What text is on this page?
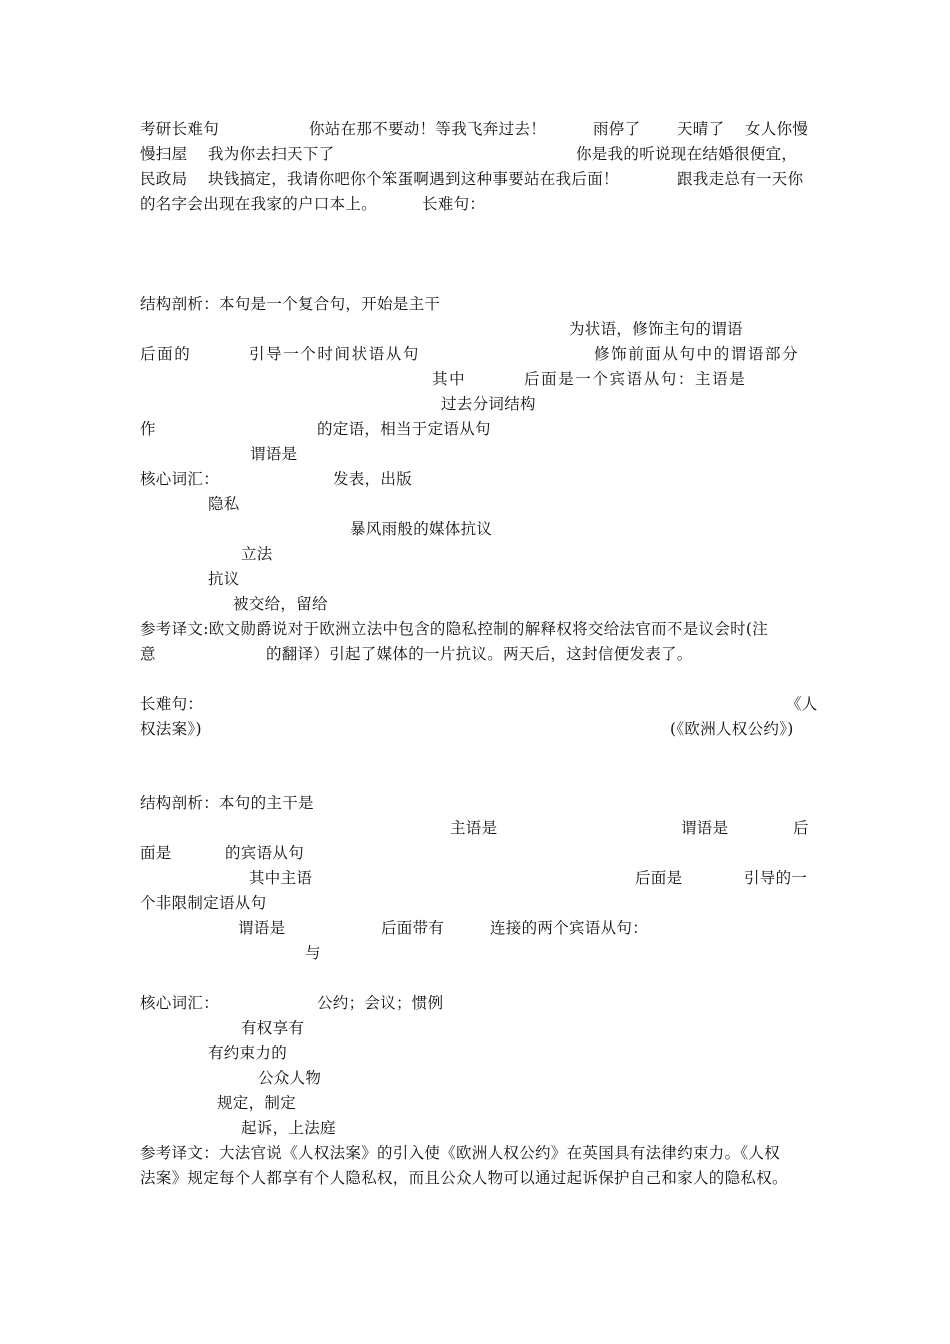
考研长难句	你站在那不要动！等我飞奔过去！	雨停了 天晴了 女人你慢
慢扫屋 我为你去扫天下了	你是我的听说现在结婚很便宜，
民政局 块钱搞定，我请你吧你个笨蛋啊遇到这种事要站在我后面！	跟我走总有一天你
的名字会出现在我家的户口本上。	长难句：
结构剖析：本句是一个复合句，开始是主干
为状语，修饰主句的谓语
后面的	引导一个时间状语从句	修饰前面从句中的谓语部分
其中	后面是一个宾语从句：主语是
过去分词结构
作	的定语，相当于定语从句
谓语是
核心词汇：	发表，出版
隐私
暴风雨般的媒体抗议
立法
抗议
被交给，留给
参考译文:欧文勋爵说对于欧洲立法中包含的隐私控制的解释权将交给法官而不是议会时(注
意	的翻译）引起了媒体的一片抗议。两天后，这封信便发表了。
长难句：	《人
权法案》)	(《欧洲人权公约》)
结构剖析：本句的主干是
主语是	谓语是	后
面是	的宾语从句
其中主语	后面是	引导的一
个非限制定语从句
谓语是	后面带有	连接的两个宾语从句：
与
核心词汇：	公约；会议；惯例
有权享有
有约束力的
公众人物
规定，制定
起诉，上法庭
参考译文：大法官说《人权法案》的引入使《欧洲人权公约》在英国具有法律约束力。《人权
法案》规定每个人都享有个人隐私权，而且公众人物可以通过起诉保护自己和家人的隐私权。
